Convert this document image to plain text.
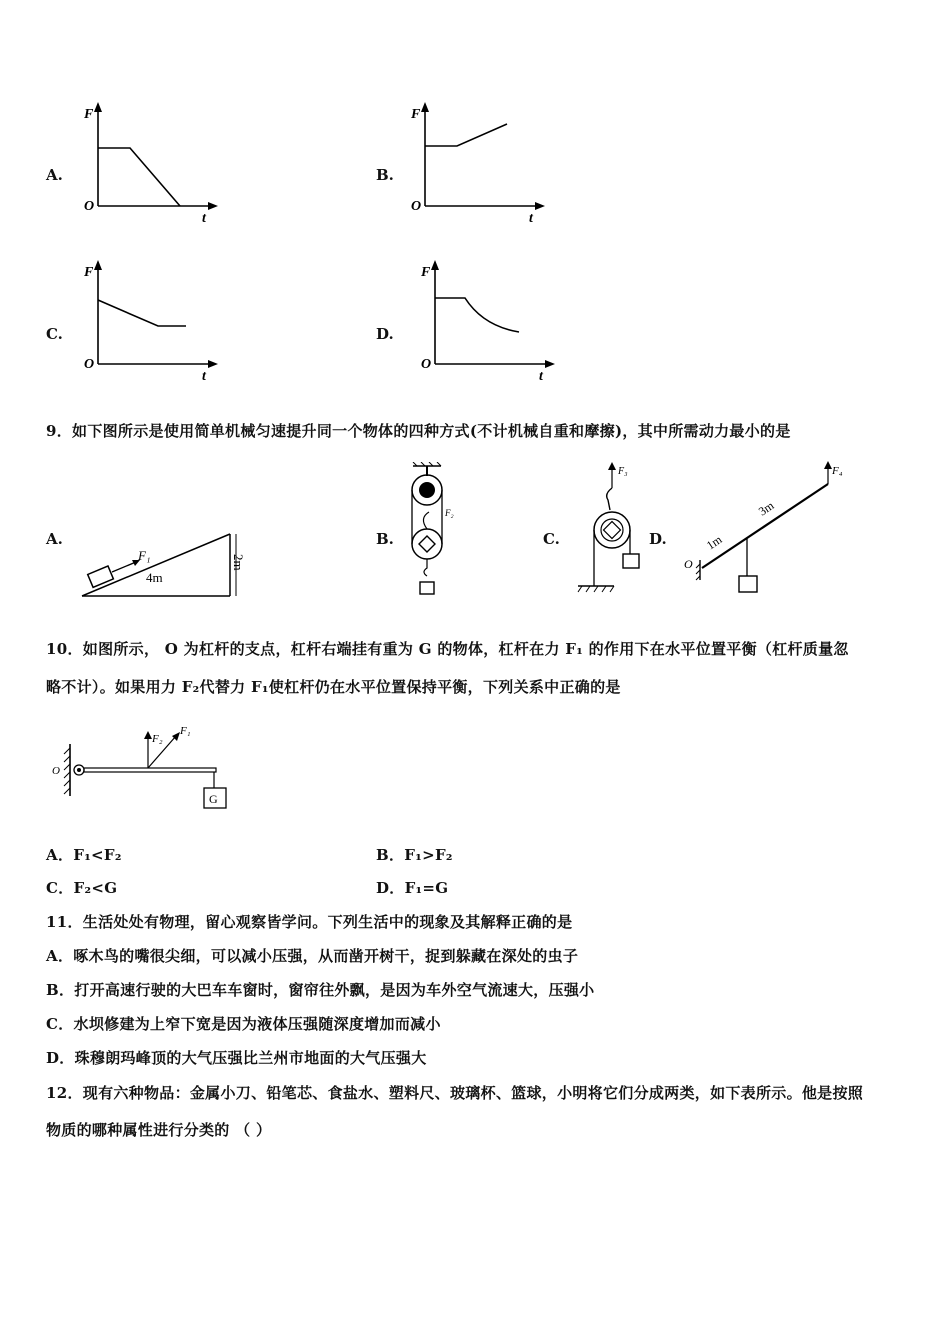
A.
F
O
t
B.
F
O
t
C.
F
O
t
D.
F
O
t
9．如下图所示是使用简单机械匀速提升同一个物体的四种方式(不计机械自重和摩擦)，其中所需动力最小的是
A.
F₁
4m
2m
B.
F₂
C.
F₃
D.
F₄
O
1m
3m
10．如图所示， O 为杠杆的支点，杠杆右端挂有重为 G 的物体，杠杆在力 F₁ 的作用下在水平位置平衡（杠杆质量忽
略不计）。如果用力 F₂代替力 F₁使杠杆仍在水平位置保持平衡，下列关系中正确的是
O
F₂
F₁
G
A．F₁<F₂	B．F₁>F₂
C．F₂<G	D．F₁=G
11．生活处处有物理，留心观察皆学问。下列生活中的现象及其解释正确的是
A．啄木鸟的嘴很尖细，可以减小压强，从而凿开树干，捉到躲藏在深处的虫子
B．打开高速行驶的大巴车车窗时，窗帘往外飘，是因为车外空气流速大，压强小
C．水坝修建为上窄下宽是因为液体压强随深度增加而减小
D．珠穆朗玛峰顶的大气压强比兰州市地面的大气压强大
12．现有六种物品：金属小刀、铅笔芯、食盐水、塑料尺、玻璃杯、篮球，小明将它们分成两类，如下表所示。他是按照
物质的哪种属性进行分类的 （ ）
